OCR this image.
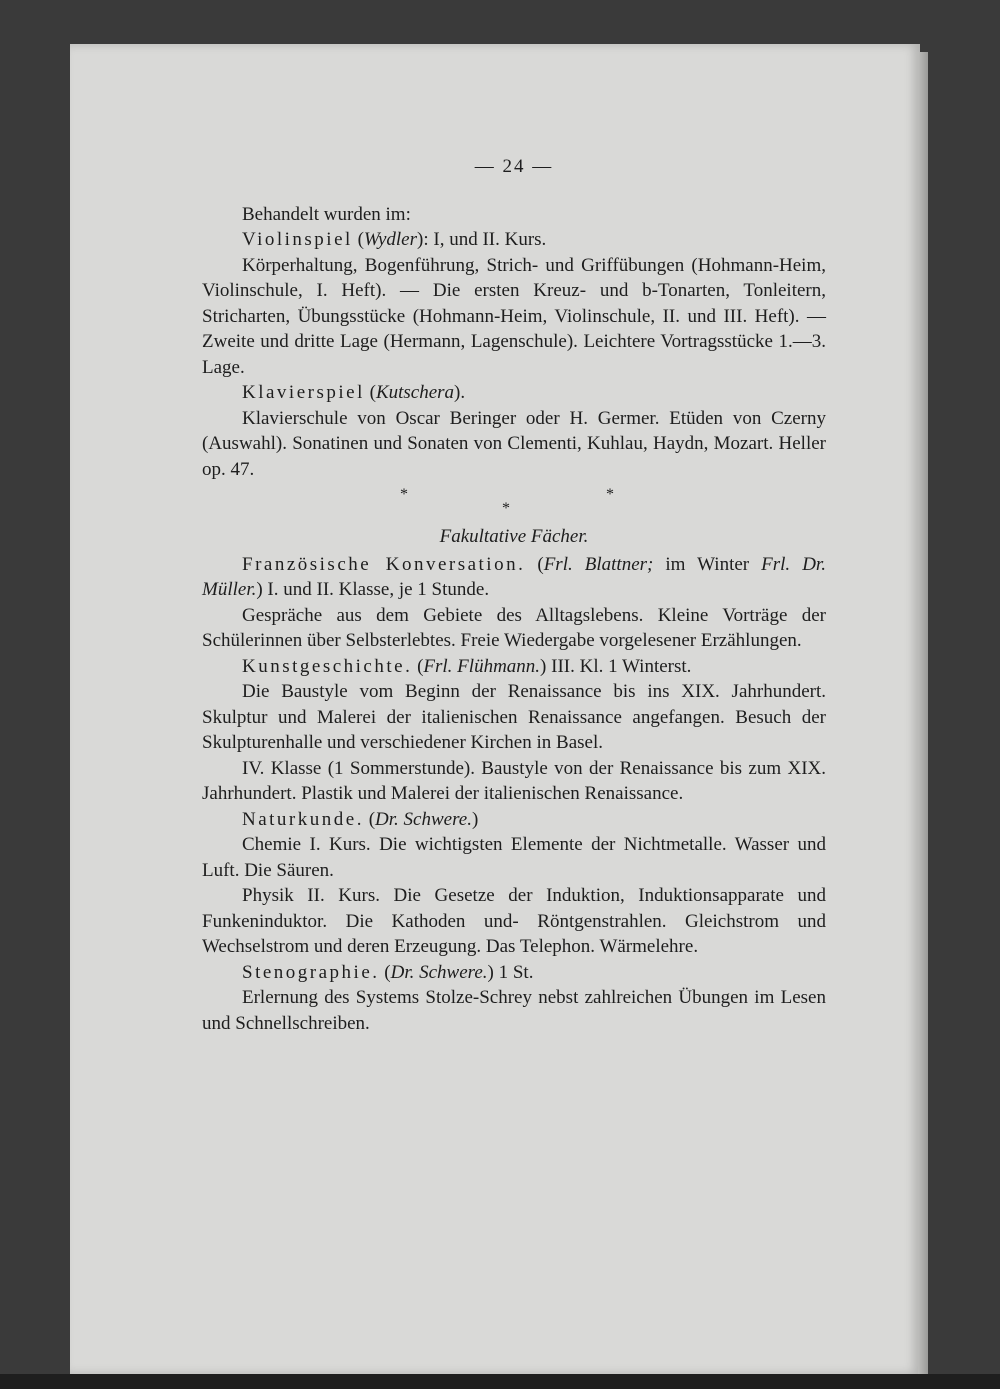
— 24 —
Behandelt wurden im:
Violinspiel (Wydler): I, und II. Kurs.
Körperhaltung, Bogenführung, Strich- und Griffübungen (Hohmann-Heim, Violinschule, I. Heft). — Die ersten Kreuz- und b-Tonarten, Tonleitern, Stricharten, Übungsstücke (Hohmann-Heim, Violinschule, II. und III. Heft). — Zweite und dritte Lage (Hermann, Lagenschule). Leichtere Vortragsstücke 1.—3. Lage.
Klavierspiel (Kutschera).
Klavierschule von Oscar Beringer oder H. Germer. Etüden von Czerny (Auswahl). Sonatinen und Sonaten von Clementi, Kuhlau, Haydn, Mozart. Heller op. 47.
*
*
*
Fakultative Fächer.
Französische Konversation. (Frl. Blattner; im Winter Frl. Dr. Müller.) I. und II. Klasse, je 1 Stunde.
Gespräche aus dem Gebiete des Alltagslebens. Kleine Vorträge der Schülerinnen über Selbsterlebtes. Freie Wiedergabe vorgelesener Erzählungen.
Kunstgeschichte. (Frl. Flühmann.) III. Kl. 1 Winterst.
Die Baustyle vom Beginn der Renaissance bis ins XIX. Jahrhundert. Skulptur und Malerei der italienischen Renaissance angefangen. Besuch der Skulpturenhalle und verschiedener Kirchen in Basel.
IV. Klasse (1 Sommerstunde). Baustyle von der Renaissance bis zum XIX. Jahrhundert. Plastik und Malerei der italienischen Renaissance.
Naturkunde. (Dr. Schwere.)
Chemie I. Kurs. Die wichtigsten Elemente der Nichtmetalle. Wasser und Luft. Die Säuren.
Physik II. Kurs. Die Gesetze der Induktion, Induktionsapparate und Funkeninduktor. Die Kathoden und- Röntgenstrahlen. Gleichstrom und Wechselstrom und deren Erzeugung. Das Telephon. Wärmelehre.
Stenographie. (Dr. Schwere.) 1 St.
Erlernung des Systems Stolze-Schrey nebst zahlreichen Übungen im Lesen und Schnellschreiben.
